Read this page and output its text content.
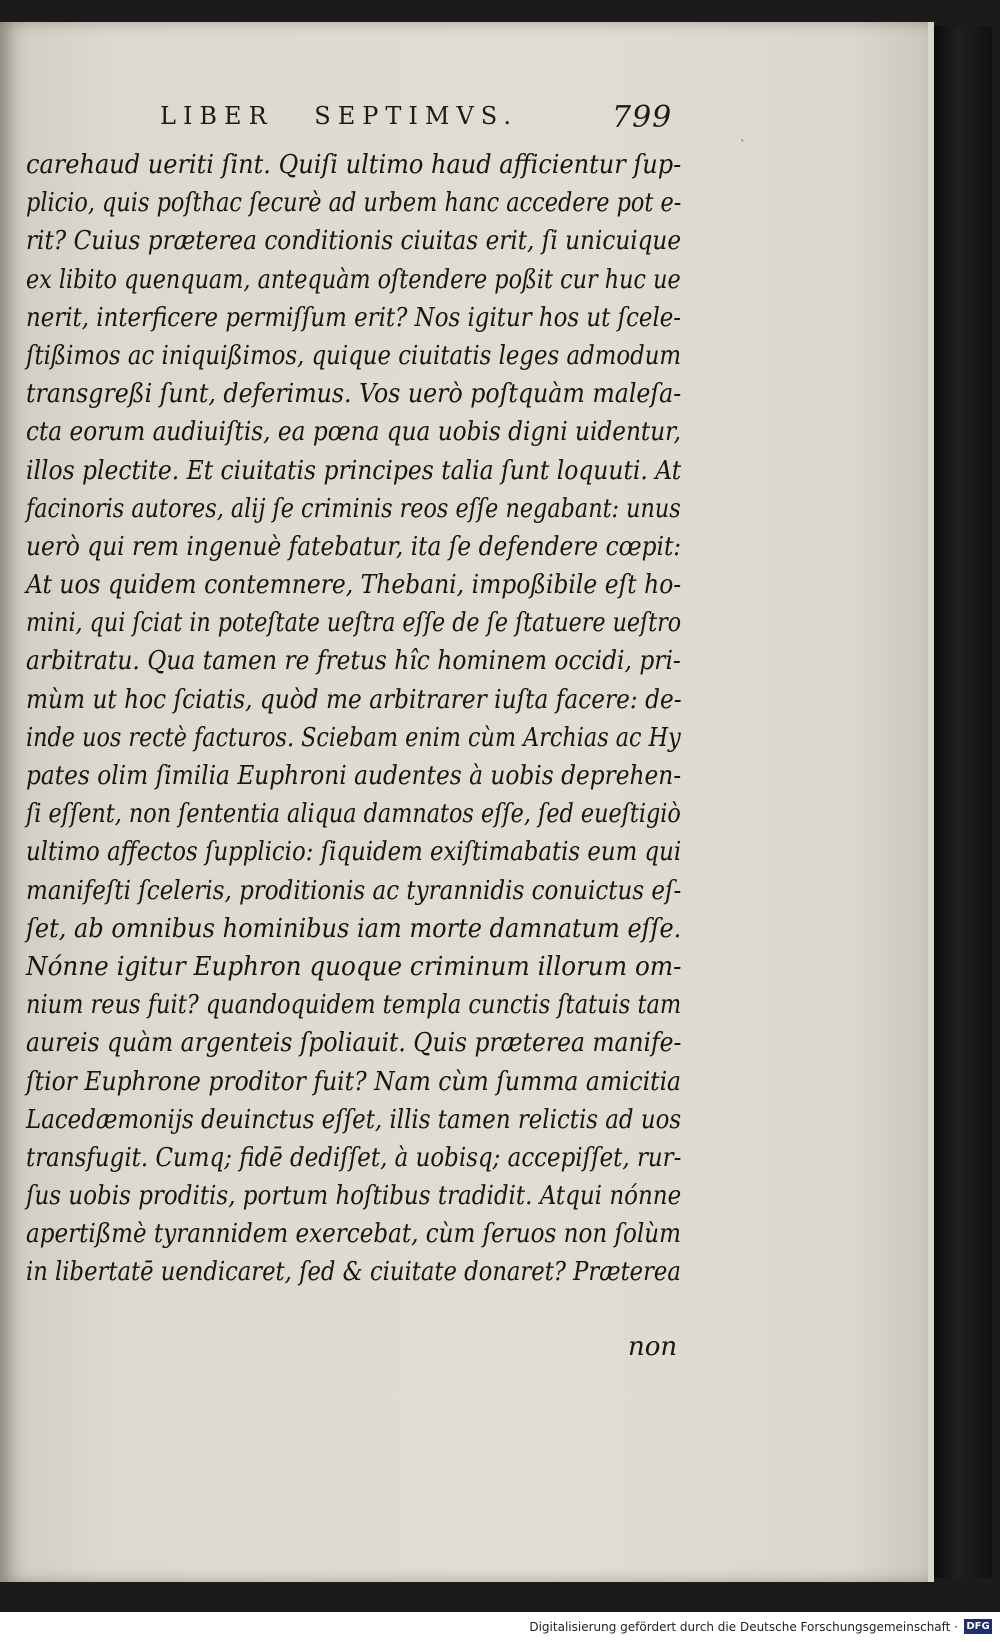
LIBER SEPTIMVS.	799
ˋ
carehaud ueriti ſint. Quiſi ultimo haud afficientur ſup-
plicio, quis poſthac ſecurè ad urbem hanc accedere pot e-
rit? Cuius præterea conditionis ciuitas erit, ſi unicuique
ex libito quenquam, antequàm oſtendere poßit cur huc ue
nerit, interficere permiſſum erit? Nos igitur hos ut ſcele-
ſtißimos ac iniquißimos, quique ciuitatis leges admodum
transgreßi ſunt, deferimus. Vos uerò poſtquàm maleſa-
cta eorum audiuiſtis, ea pœna qua uobis digni uidentur,
illos plectite. Et ciuitatis principes talia ſunt loquuti. At
facinoris autores, alij ſe criminis reos eſſe negabant: unus
uerò qui rem ingenuè fatebatur, ita ſe defendere cœpit:
At uos quidem contemnere, Thebani, impoßibile eſt ho-
mini, qui ſciat in poteſtate ueſtra eſſe de ſe ſtatuere ueſtro
arbitratu. Qua tamen re fretus hîc hominem occidi, pri-
mùm ut hoc ſciatis, quòd me arbitrarer iuſta facere: de-
inde uos rectè facturos. Sciebam enim cùm Archias ac Hy
pates olim ſimilia Euphroni audentes à uobis deprehen-
ſi eſſent, non ſententia aliqua damnatos eſſe, ſed eueſtigiò
ultimo affectos ſupplicio: ſiquidem exiſtimabatis eum qui
manifeſti ſceleris, proditionis ac tyrannidis conuictus eſ-
ſet, ab omnibus hominibus iam morte damnatum eſſe.
Nónne igitur Euphron quoque criminum illorum om-
nium reus fuit? quandoquidem templa cunctis ſtatuis tam
aureis quàm argenteis ſpoliauit. Quis præterea manife-
ſtior Euphrone proditor fuit? Nam cùm ſumma amicitia
Lacedæmonijs deuinctus eſſet, illis tamen relictis ad uos
transfugit. Cumq; fidē dediſſet, à uobisq; accepiſſet, rur-
ſus uobis proditis, portum hoſtibus tradidit. Atqui nónne
apertißmè tyrannidem exercebat, cùm ſeruos non ſolùm
in libertatē uendicaret, ſed & ciuitate donaret? Præterea
non
Digitalisierung gefördert durch die Deutsche Forschungsgemeinschaft · DFG
